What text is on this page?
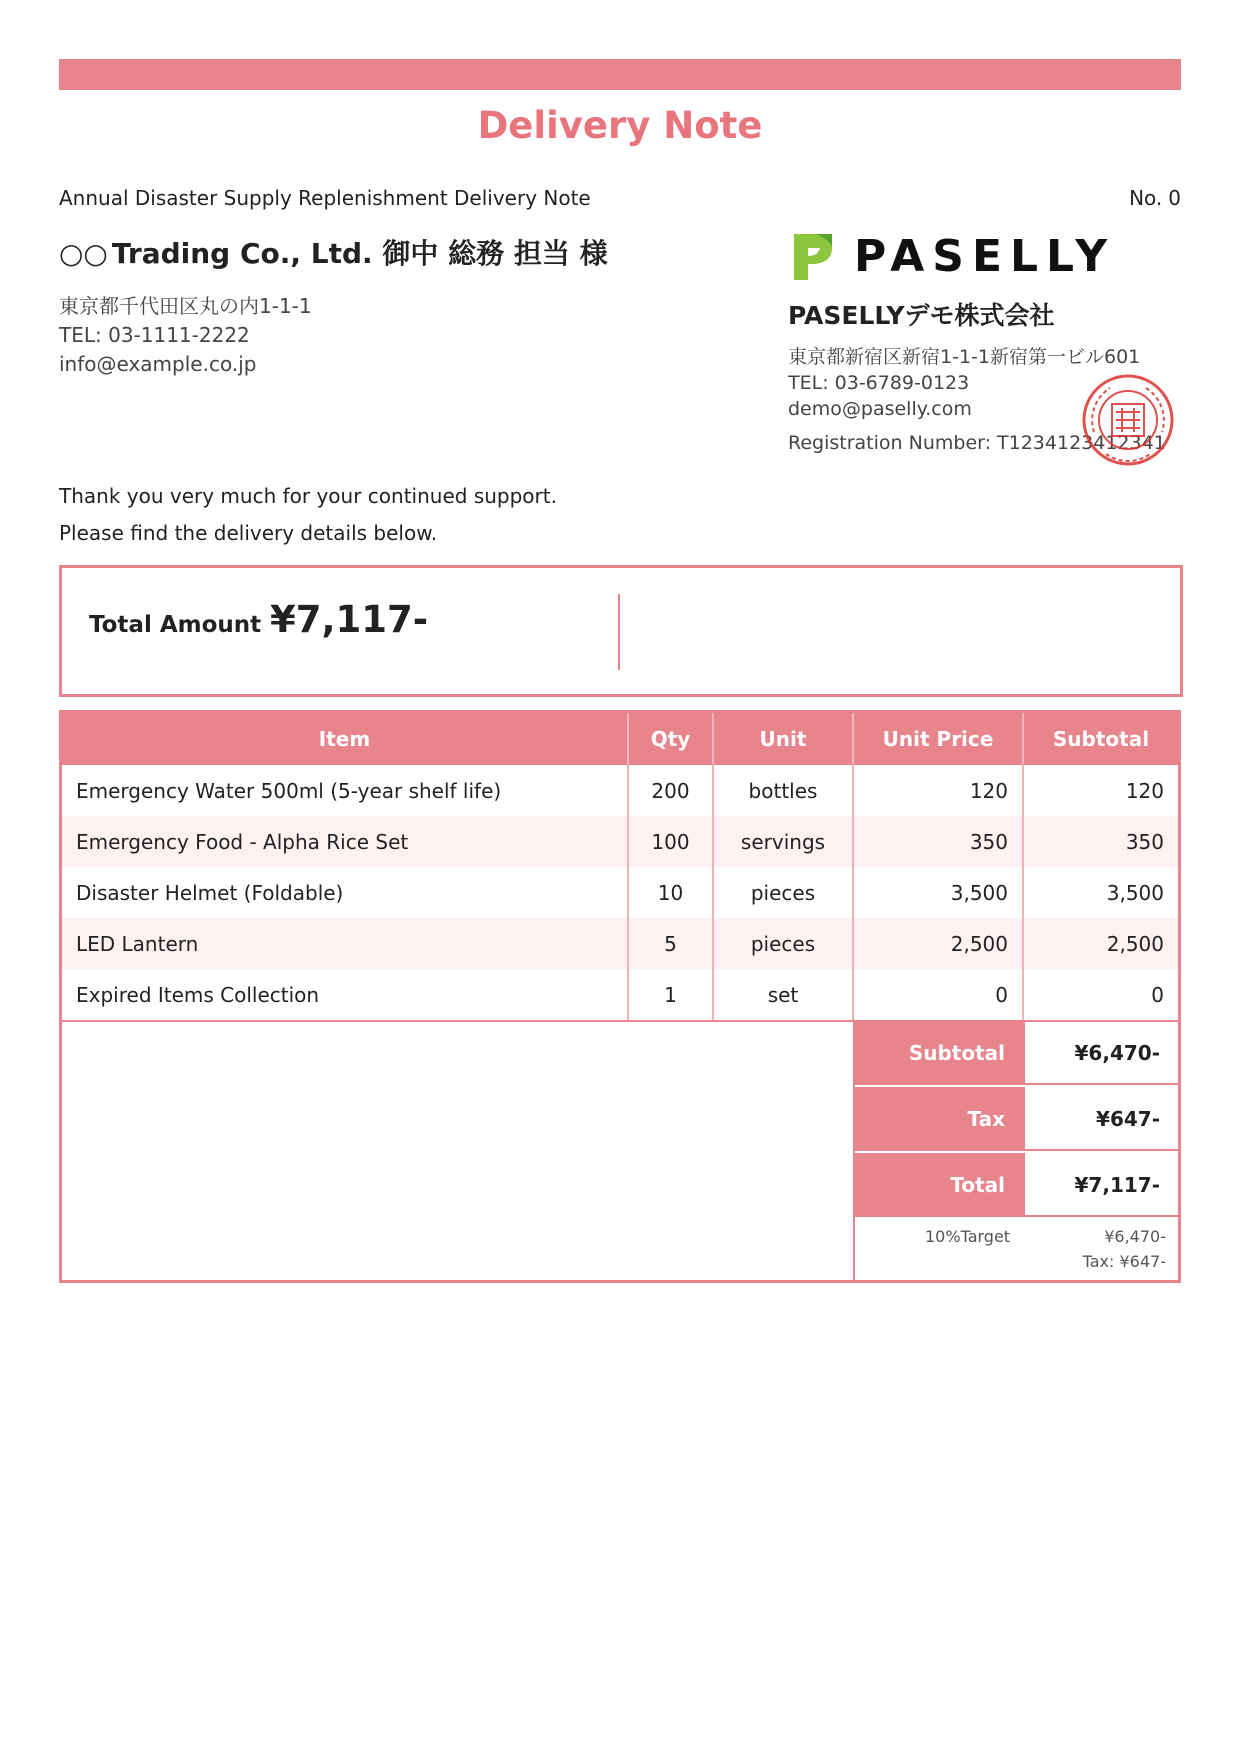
Delivery Note
Annual Disaster Supply Replenishment Delivery Note	No. 0
○○ Trading Co., Ltd. 御中 総務 担当 様
東京都千代田区丸の内1-1-1
TEL: 03-1111-2222
info@example.co.jp
PASELLY
PASELLYデモ株式会社
東京都新宿区新宿1-1-1新宿第一ビル601
TEL: 03-6789-0123
demo@paselly.com
Registration Number: T1234123412341
Thank you very much for your continued support.
Please find the delivery details below.
Total Amount ¥7,117-
Item	Qty	Unit	Unit Price	Subtotal
Emergency Water 500ml (5-year shelf life)	200	bottles	120	120
Emergency Food - Alpha Rice Set	100	servings	350	350
Disaster Helmet (Foldable)	10	pieces	3,500	3,500
LED Lantern	5	pieces	2,500	2,500
Expired Items Collection	1	set	0	0
Subtotal	¥6,470-
Tax	¥647-
Total	¥7,117-
10%Target	¥6,470-
Tax: ¥647-
